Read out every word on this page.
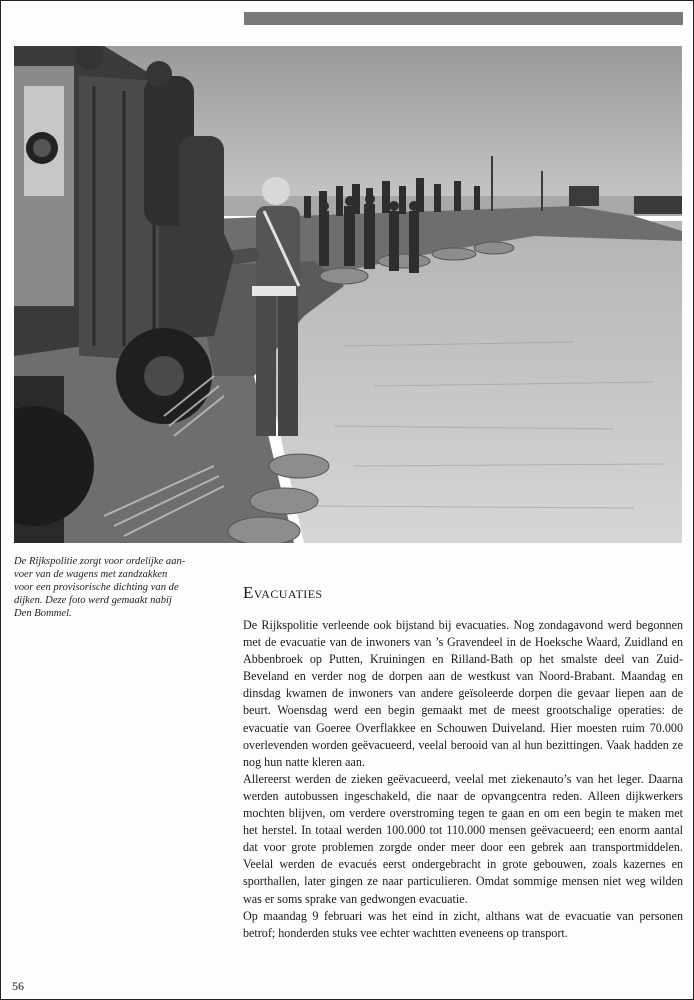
De Rijkspolitie zorgt voor ordelijke aan-

voer van de wagens met zandzakken

voor een provisorische dichting van de

dijken. Deze foto werd gemaakt nabij

Den Bommel.

Evacuaties

De Rijkspolitie verleende ook bijstand bij evacuaties. Nog zondagavond werd begonnen met de evacuatie van de inwoners van ’s Gravendeel in de Hoeksche Waard, Zuidland en Abbenbroek op Putten, Kruiningen en Rilland-Bath op het smalste deel van Zuid-Beveland en verder nog de dorpen aan de westkust van Noord-Brabant. Maandag en dinsdag kwamen de inwoners van andere geïsoleerde dorpen die gevaar liepen aan de beurt. Woensdag werd een begin gemaakt met de meest grootschalige operaties: de evacuatie van Goeree Overflakkee en Schouwen Duiveland. Hier moesten ruim 70.000 overlevenden worden geëvacueerd, veelal berooid van al hun bezittingen. Vaak hadden ze nog hun natte kleren aan.

Allereerst werden de zieken geëvacueerd, veelal met ziekenauto’s van het leger. Daarna werden autobussen ingeschakeld, die naar de opvangcentra reden. Alleen dijkwerkers mochten blijven, om verdere overstroming tegen te gaan en om een begin te maken met het herstel. In totaal werden 100.000 tot 110.000 mensen geëvacueerd; een enorm aantal dat voor grote problemen zorgde onder meer door een gebrek aan transportmiddelen. Veelal werden de evacués eerst ondergebracht in grote gebouwen, zoals kazernes en sporthallen, later gingen ze naar particulieren. Omdat sommige mensen niet weg wilden was er soms sprake van gedwongen evacuatie.

Op maandag 9 februari was het eind in zicht, althans wat de evacuatie van personen betrof; honderden stuks vee echter wachtten eveneens op transport.

56
